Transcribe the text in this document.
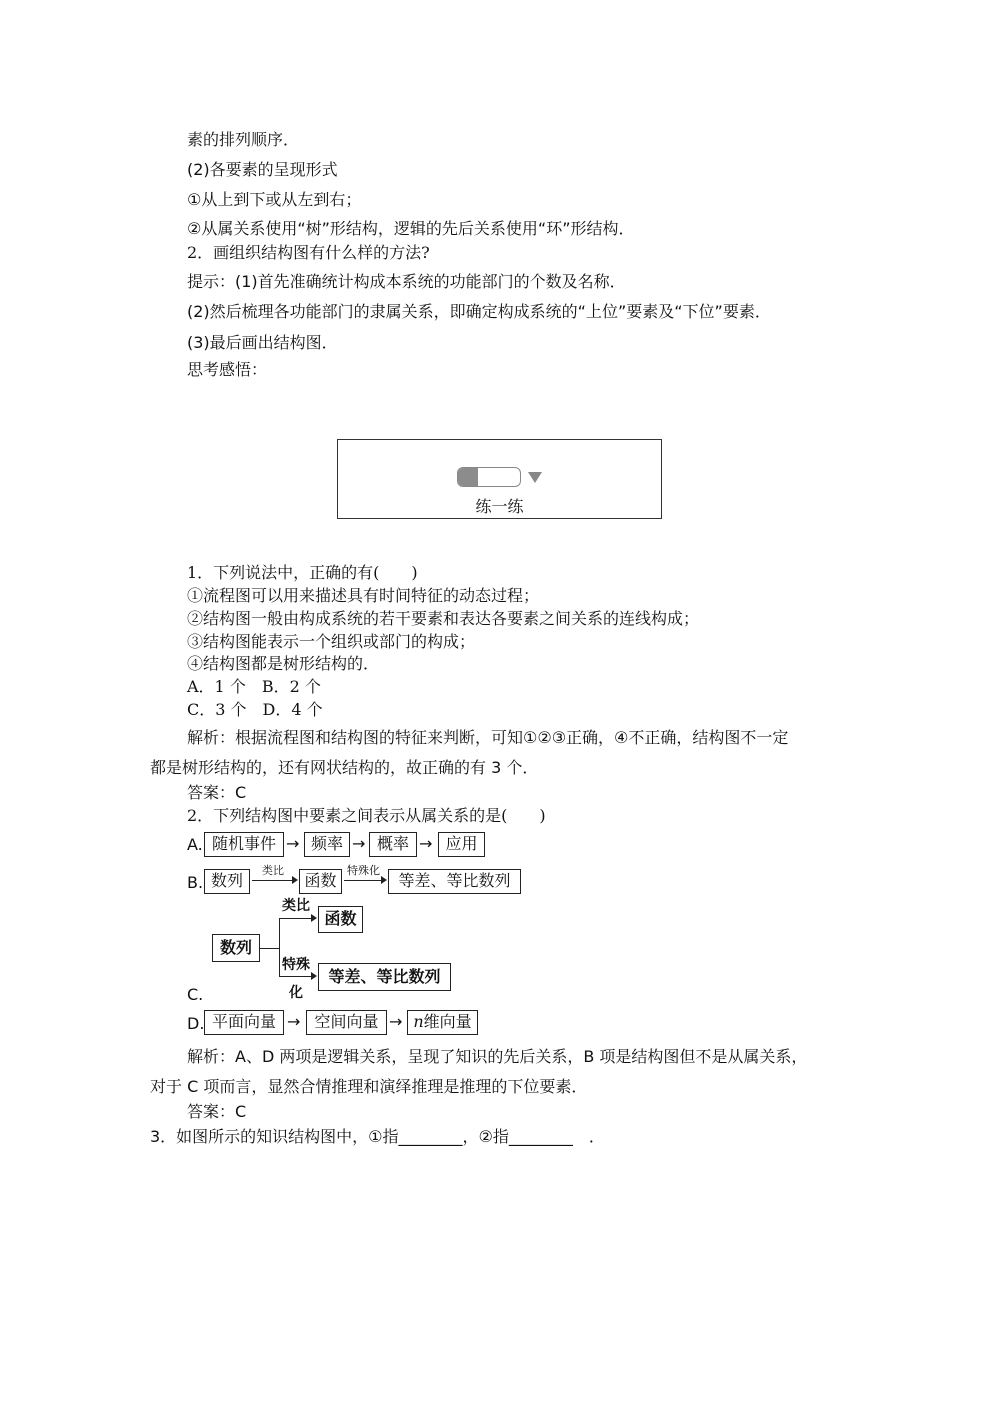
素的排列顺序．
(2)各要素的呈现形式
①从上到下或从左到右；
②从属关系使用“树”形结构，逻辑的先后关系使用“环”形结构．
2．画组织结构图有什么样的方法?
提示：(1)首先准确统计构成本系统的功能部门的个数及名称．
(2)然后梳理各功能部门的隶属关系，即确定构成系统的“上位”要素及“下位”要素．
(3)最后画出结构图．
思考感悟：
练一练
1．下列说法中，正确的有(　　)
①流程图可以用来描述具有时间特征的动态过程；
②结构图一般由构成系统的若干要素和表达各要素之间关系的连线构成；
③结构图能表示一个组织或部门的构成；
④结构图都是树形结构的．
A．1 个　B．2 个
C．3 个　D．4 个
解析：根据流程图和结构图的特征来判断，可知①②③正确，④不正确，结构图不一定
都是树形结构的，还有网状结构的，故正确的有 3 个．
答案：C
2．下列结构图中要素之间表示从属关系的是(　　)
A. 随机事件 → 频率 → 概率 → 应用
B. 数列
类比
函数
特殊化
等差、等比数列
C.
数列
类比
函数
特殊
化
等差、等比数列
D. 平面向量 → 空间向量 → n维向量
解析：A、D 两项是逻辑关系，呈现了知识的先后关系，B 项是结构图但不是从属关系，
对于 C 项而言，显然合情推理和演绎推理是推理的下位要素．
答案：C
3．如图所示的知识结构图中，①指________，②指________　．
